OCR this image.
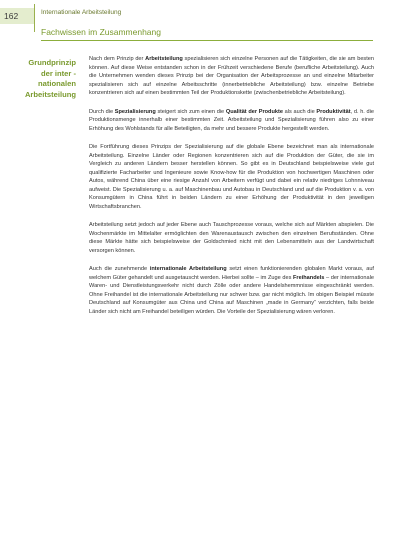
162	Internationale Arbeitsteilung
Fachwissen im Zusammenhang
Grundprinzip
der inter -
nationalen
Arbeitsteilung

Nach dem Prinzip der Arbeitsteilung spezialisieren sich einzelne Personen auf die Tätigkeiten, die sie am besten können. Auf diese Weise entstanden schon in der Frühzeit verschiedene Berufe (berufliche Arbeitsteilung). Auch die Unternehmen wenden dieses Prinzip bei der Organisation der Arbeitsprozesse an und einzelne Mitarbeiter spezialisieren sich auf einzelne Arbeitsschritte (innerbetriebliche Arbeitsteilung) bzw. einzelne Betriebe konzentrieren sich auf einen bestimmten Teil der Produktionskette (zwischenbetriebliche Arbeitsteilung).

Durch die Spezialisierung steigert sich zum einen die Qualität der Produkte als auch die Produktivität, d. h. die Produktionsmenge innerhalb einer bestimmten Zeit. Arbeitsteilung und Spezialisierung führen also zu einer Erhöhung des Wohlstands für alle Beteiligten, da mehr und bessere Produkte hergestellt werden.

Die Fortführung dieses Prinzips der Spezialisierung auf die globale Ebene bezeichnet man als internationale Arbeitsteilung. Einzelne Länder oder Regionen konzentrieren sich auf die Produktion der Güter, die sie im Vergleich zu anderen Ländern besser herstellen können. So gibt es in Deutschland beispielsweise viele gut qualifizierte Facharbeiter und Ingenieure sowie Know-how für die Produktion von hochwertigen Maschinen oder Autos, während China über eine riesige Anzahl von Arbeitern verfügt und dabei ein relativ niedriges Lohnniveau aufweist. Die Spezialisierung u. a. auf Maschinenbau und Autobau in Deutschland und auf die Produktion v. a. von Konsumgütern in China führt in beiden Ländern zu einer Erhöhung der Produktivität in den jeweiligen Wirtschaftsbranchen.

Arbeitsteilung setzt jedoch auf jeder Ebene auch Tauschprozesse voraus, welche sich auf Märkten abspielen. Die Wochenmärkte im Mittelalter ermöglichten den Warenaustausch zwischen den einzelnen Berufsständen. Ohne diese Märkte hätte sich beispielsweise der Goldschmied nicht mit den Lebensmitteln aus der Landwirtschaft versorgen können.

Auch die zunehmende internationale Arbeitsteilung setzt einen funktionierenden globalen Markt voraus, auf welchem Güter gehandelt und ausgetauscht werden. Hierbei sollte – im Zuge des Freihandels – der internationale Waren- und Dienstleistungsverkehr nicht durch Zölle oder andere Handelshemmnisse eingeschränkt werden. Ohne Freihandel ist die internationale Arbeitsteilung nur schwer bzw. gar nicht möglich. Im obigen Beispiel müsste Deutschland auf Konsumgüter aus China und China auf Maschinen „made in Germany“ verzichten, falls beide Länder sich nicht am Freihandel beteiligen würden. Die Vorteile der Spezialisierung wären verloren.
